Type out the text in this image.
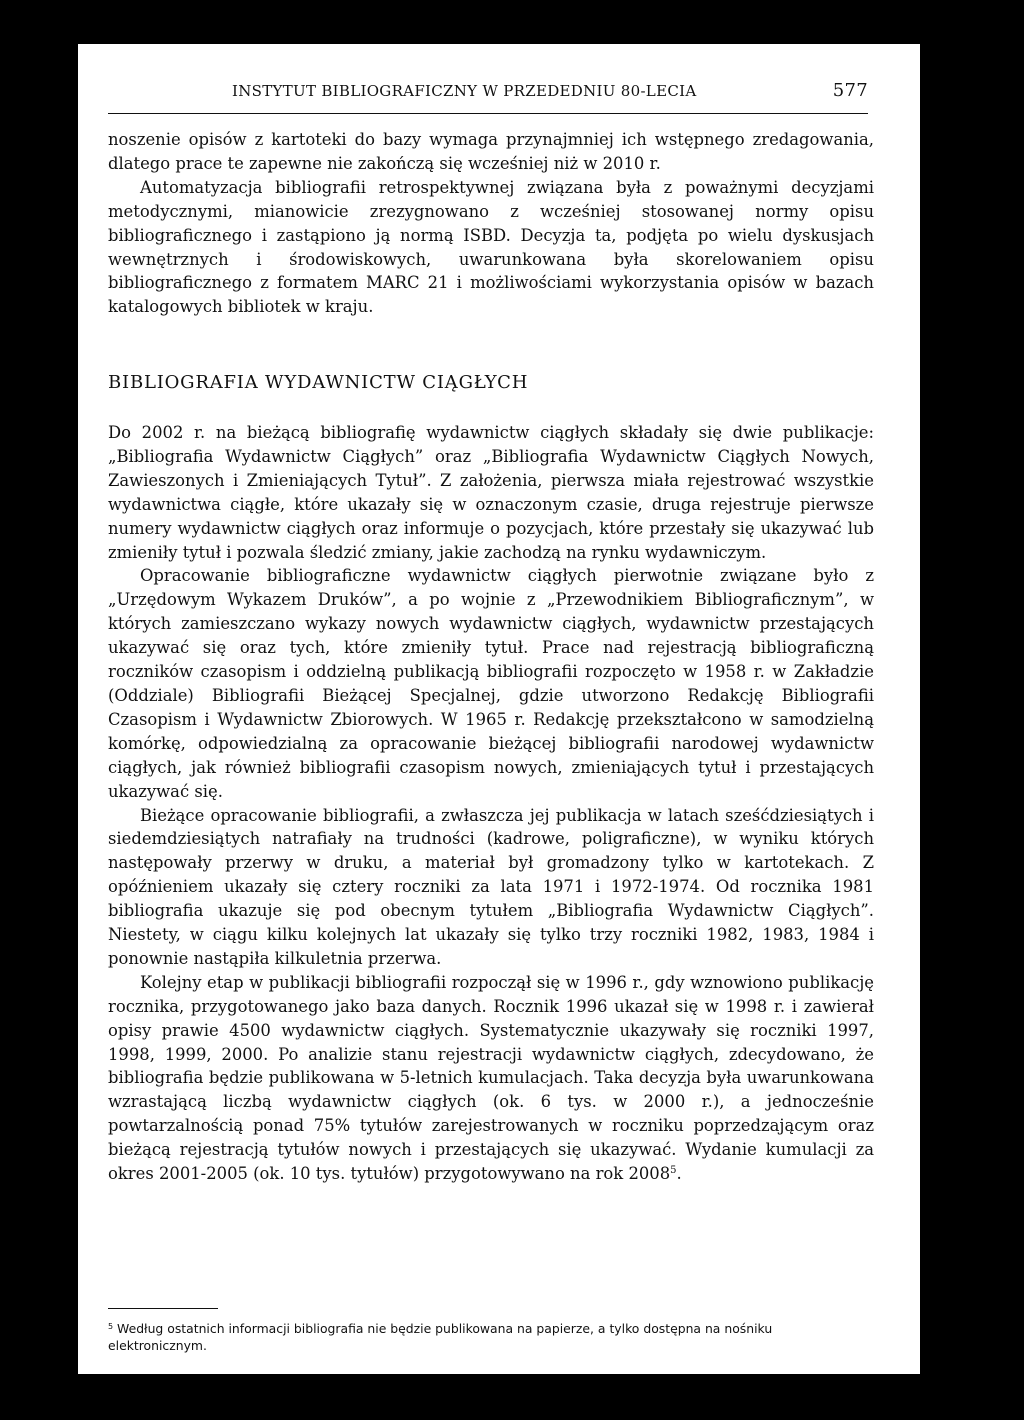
INSTYTUT BIBLIOGRAFICZNY W PRZEDEDNIU 80-LECIA	577

noszenie opisów z kartoteki do bazy wymaga przynajmniej ich wstępnego zredagowania, dlatego prace te zapewne nie zakończą się wcześniej niż w 2010 r.

Automatyzacja bibliografii retrospektywnej związana była z poważnymi decyzjami metodycznymi, mianowicie zrezygnowano z wcześniej stosowanej normy opisu bibliograficznego i zastąpiono ją normą ISBD. Decyzja ta, podjęta po wielu dyskusjach wewnętrznych i środowiskowych, uwarunkowana była skorelowaniem opisu bibliograficznego z formatem MARC 21 i możliwościami wykorzystania opisów w bazach katalogowych bibliotek w kraju.

BIBLIOGRAFIA WYDAWNICTW CIĄGŁYCH

Do 2002 r. na bieżącą bibliografię wydawnictw ciągłych składały się dwie publikacje: „Bibliografia Wydawnictw Ciągłych” oraz „Bibliografia Wydawnictw Ciągłych Nowych, Zawieszonych i Zmieniających Tytuł”. Z założenia, pierwsza miała rejestrować wszystkie wydawnictwa ciągłe, które ukazały się w oznaczonym czasie, druga rejestruje pierwsze numery wydawnictw ciągłych oraz informuje o pozycjach, które przestały się ukazywać lub zmieniły tytuł i pozwala śledzić zmiany, jakie zachodzą na rynku wydawniczym.

Opracowanie bibliograficzne wydawnictw ciągłych pierwotnie związane było z „Urzędowym Wykazem Druków”, a po wojnie z „Przewodnikiem Bibliograficznym”, w których zamieszczano wykazy nowych wydawnictw ciągłych, wydawnictw przestających ukazywać się oraz tych, które zmieniły tytuł. Prace nad rejestracją bibliograficzną roczników czasopism i oddzielną publikacją bibliografii rozpoczęto w 1958 r. w Zakładzie (Oddziale) Bibliografii Bieżącej Specjalnej, gdzie utworzono Redakcję Bibliografii Czasopism i Wydawnictw Zbiorowych. W 1965 r. Redakcję przekształcono w samodzielną komórkę, odpowiedzialną za opracowanie bieżącej bibliografii narodowej wydawnictw ciągłych, jak również bibliografii czasopism nowych, zmieniających tytuł i przestających ukazywać się.

Bieżące opracowanie bibliografii, a zwłaszcza jej publikacja w latach sześćdziesiątych i siedemdziesiątych natrafiały na trudności (kadrowe, poligraficzne), w wyniku których następowały przerwy w druku, a materiał był gromadzony tylko w kartotekach. Z opóźnieniem ukazały się cztery roczniki za lata 1971 i 1972-1974. Od rocznika 1981 bibliografia ukazuje się pod obecnym tytułem „Bibliografia Wydawnictw Ciągłych”. Niestety, w ciągu kilku kolejnych lat ukazały się tylko trzy roczniki 1982, 1983, 1984 i ponownie nastąpiła kilkuletnia przerwa.

Kolejny etap w publikacji bibliografii rozpoczął się w 1996 r., gdy wznowiono publikację rocznika, przygotowanego jako baza danych. Rocznik 1996 ukazał się w 1998 r. i zawierał opisy prawie 4500 wydawnictw ciągłych. Systematycznie ukazywały się roczniki 1997, 1998, 1999, 2000. Po analizie stanu rejestracji wydawnictw ciągłych, zdecydowano, że bibliografia będzie publikowana w 5-letnich kumulacjach. Taka decyzja była uwarunkowana wzrastającą liczbą wydawnictw ciągłych (ok. 6 tys. w 2000 r.), a jednocześnie powtarzalnością ponad 75% tytułów zarejestrowanych w roczniku poprzedzającym oraz bieżącą rejestracją tytułów nowych i przestających się ukazywać. Wydanie kumulacji za okres 2001-2005 (ok. 10 tys. tytułów) przygotowywano na rok 2008$^5$.

$^5$ Według ostatnich informacji bibliografia nie będzie publikowana na papierze, a tylko dostępna na nośniku elektronicznym.
